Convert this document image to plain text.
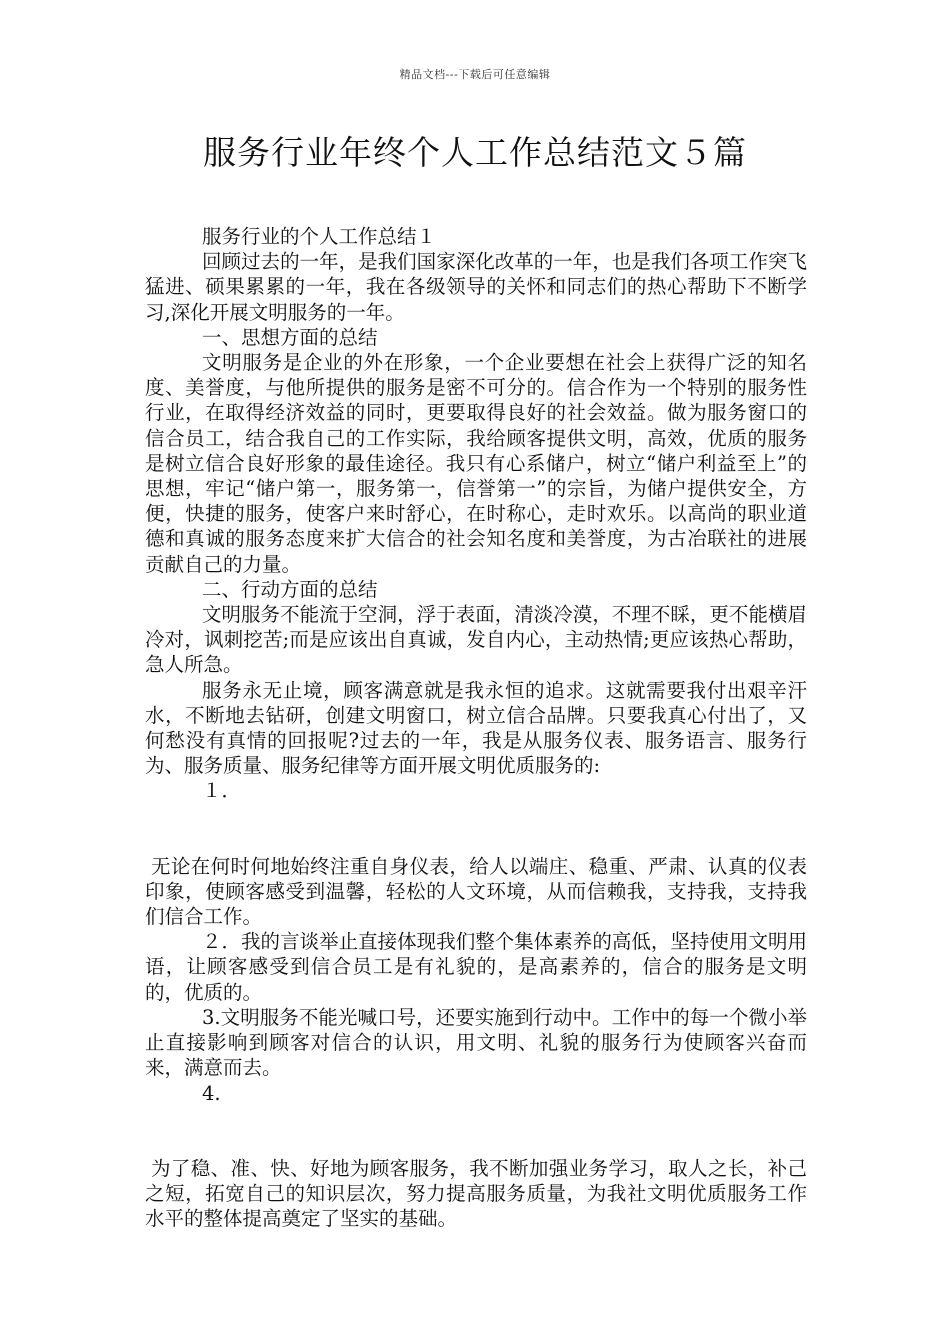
精品文档---下载后可任意编辑
服务行业年终个人工作总结范文５篇

服务行业的个人工作总结１

回顾过去的一年，是我们国家深化改革的一年，也是我们各项工作突飞猛进、硕果累累的一年，我在各级领导的关怀和同志们的热心帮助下不断学习,深化开展文明服务的一年。

一、思想方面的总结

文明服务是企业的外在形象，一个企业要想在社会上获得广泛的知名度、美誉度，与他所提供的服务是密不可分的。信合作为一个特别的服务性行业，在取得经济效益的同时，更要取得良好的社会效益。做为服务窗口的信合员工，结合我自己的工作实际，我给顾客提供文明，高效，优质的服务是树立信合良好形象的最佳途径。我只有心系储户，树立“储户利益至上”的思想，牢记“储户第一，服务第一，信誉第一”的宗旨，为储户提供安全，方便，快捷的服务，使客户来时舒心，在时称心，走时欢乐。以高尚的职业道德和真诚的服务态度来扩大信合的社会知名度和美誉度，为古冶联社的进展贡献自己的力量。

二、行动方面的总结

文明服务不能流于空洞，浮于表面，清淡冷漠，不理不睬，更不能横眉冷对，讽刺挖苦;而是应该出自真诚，发自内心，主动热情;更应该热心帮助，急人所急。

服务永无止境，顾客满意就是我永恒的追求。这就需要我付出艰辛汗水，不断地去钻研，创建文明窗口，树立信合品牌。只要我真心付出了，又何愁没有真情的回报呢?过去的一年，我是从服务仪表、服务语言、服务行为、服务质量、服务纪律等方面开展文明优质服务的:

１．

无论在何时何地始终注重自身仪表，给人以端庄、稳重、严肃、认真的仪表印象，使顾客感受到温馨，轻松的人文环境，从而信赖我，支持我，支持我们信合工作。

２．我的言谈举止直接体现我们整个集体素养的高低，坚持使用文明用语，让顾客感受到信合员工是有礼貌的，是高素养的，信合的服务是文明的，优质的。

3.文明服务不能光喊口号，还要实施到行动中。工作中的每一个微小举止直接影响到顾客对信合的认识，用文明、礼貌的服务行为使顾客兴奋而来，满意而去。

4.

为了稳、准、快、好地为顾客服务，我不断加强业务学习，取人之长，补己之短，拓宽自己的知识层次，努力提高服务质量，为我社文明优质服务工作水平的整体提高奠定了坚实的基础。
